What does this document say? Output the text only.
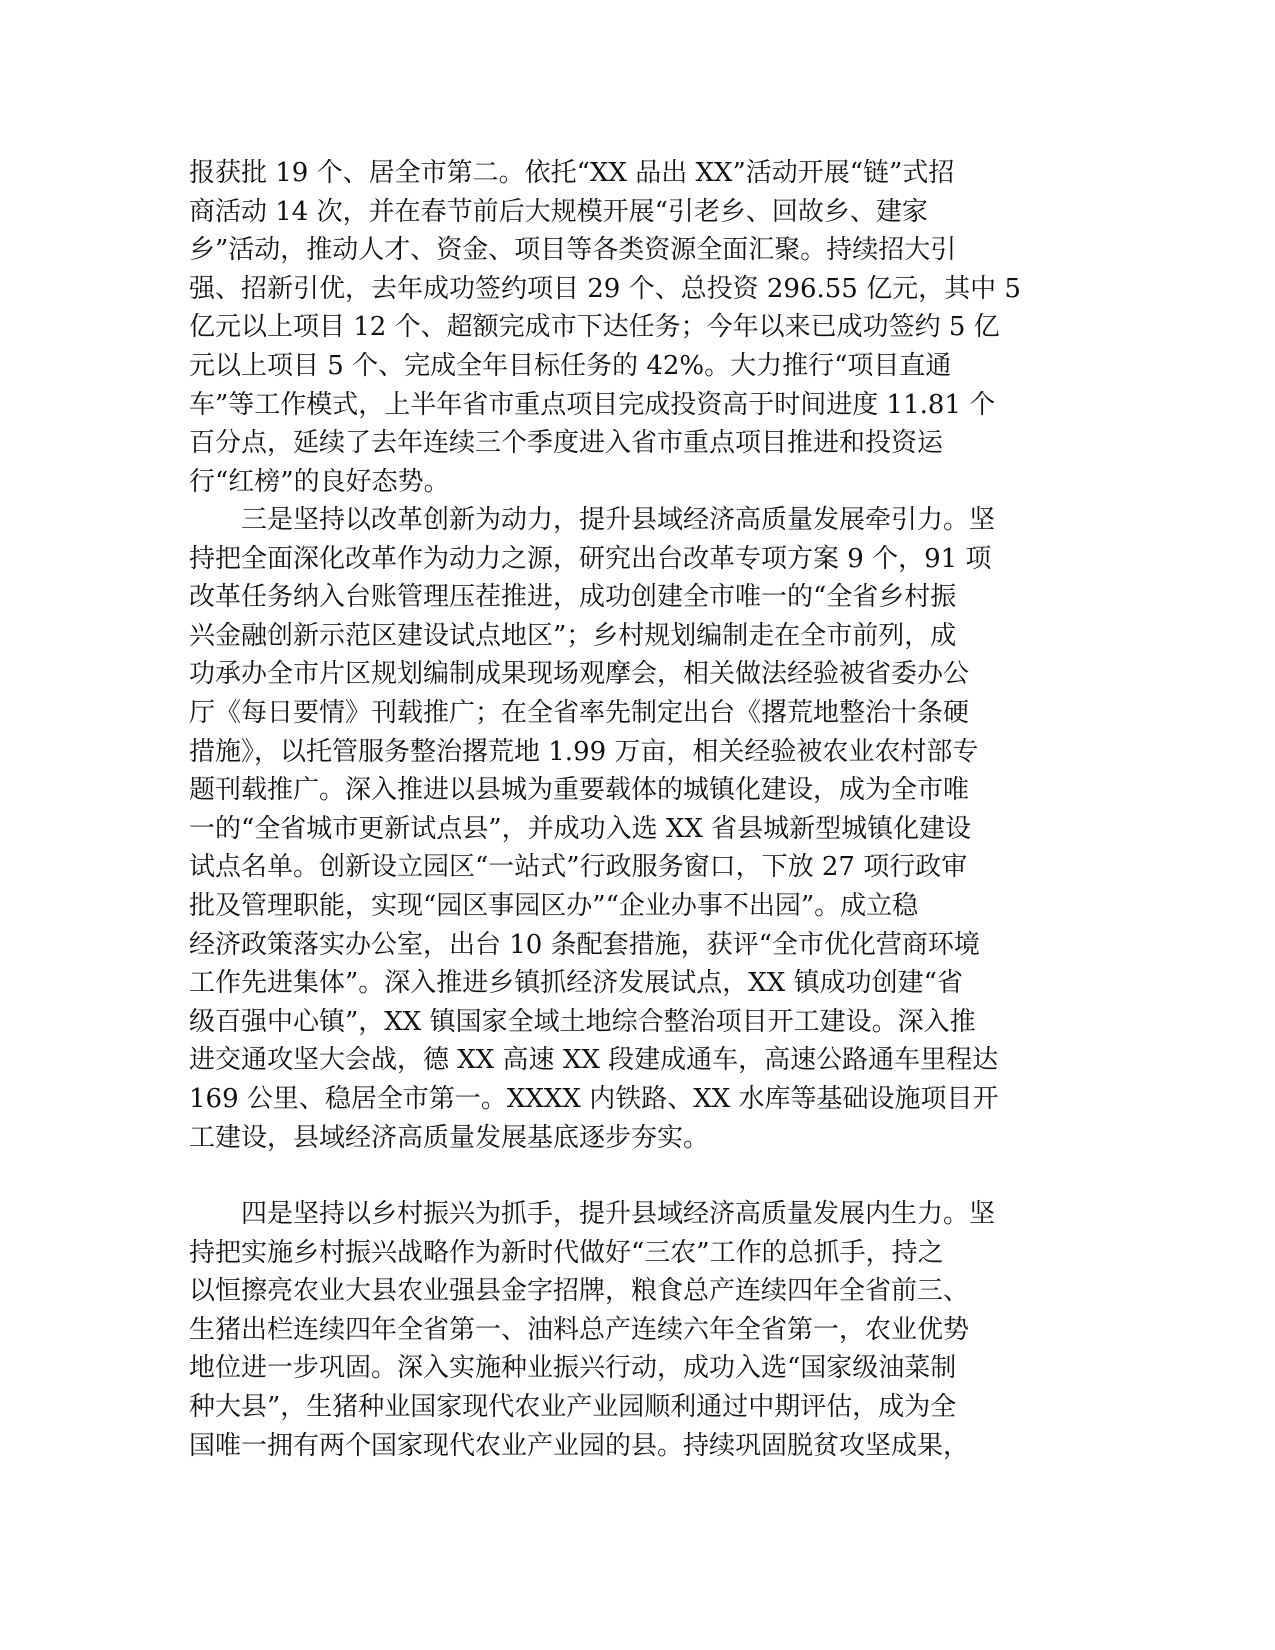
报获批 19 个、居全市第二。依托“XX 品出 XX”活动开展“链”式招
商活动 14 次，并在春节前后大规模开展“引老乡、回故乡、建家
乡”活动，推动人才、资金、项目等各类资源全面汇聚。持续招大引
强、招新引优，去年成功签约项目 29 个、总投资 296.55 亿元，其中 5
亿元以上项目 12 个、超额完成市下达任务；今年以来已成功签约 5 亿
元以上项目 5 个、完成全年目标任务的 42%。大力推行“项目直通
车”等工作模式，上半年省市重点项目完成投资高于时间进度 11.81 个
百分点，延续了去年连续三个季度进入省市重点项目推进和投资运
行“红榜”的良好态势。
　　三是坚持以改革创新为动力，提升县域经济高质量发展牵引力。坚
持把全面深化改革作为动力之源，研究出台改革专项方案 9 个，91 项
改革任务纳入台账管理压茬推进，成功创建全市唯一的“全省乡村振
兴金融创新示范区建设试点地区”；乡村规划编制走在全市前列，成
功承办全市片区规划编制成果现场观摩会，相关做法经验被省委办公
厅《每日要情》刊载推广；在全省率先制定出台《撂荒地整治十条硬
措施》，以托管服务整治撂荒地 1.99 万亩，相关经验被农业农村部专
题刊载推广。深入推进以县城为重要载体的城镇化建设，成为全市唯
一的“全省城市更新试点县”，并成功入选 XX 省县城新型城镇化建设
试点名单。创新设立园区“一站式”行政服务窗口，下放 27 项行政审
批及管理职能，实现“园区事园区办”“企业办事不出园”。成立稳
经济政策落实办公室，出台 10 条配套措施，获评“全市优化营商环境
工作先进集体”。深入推进乡镇抓经济发展试点，XX 镇成功创建“省
级百强中心镇”，XX 镇国家全域土地综合整治项目开工建设。深入推
进交通攻坚大会战，德 XX 高速 XX 段建成通车，高速公路通车里程达
169 公里、稳居全市第一。XXXX 内铁路、XX 水库等基础设施项目开
工建设，县域经济高质量发展基底逐步夯实。
　　四是坚持以乡村振兴为抓手，提升县域经济高质量发展内生力。坚
持把实施乡村振兴战略作为新时代做好“三农”工作的总抓手，持之
以恒擦亮农业大县农业强县金字招牌，粮食总产连续四年全省前三、
生猪出栏连续四年全省第一、油料总产连续六年全省第一，农业优势
地位进一步巩固。深入实施种业振兴行动，成功入选“国家级油菜制
种大县”，生猪种业国家现代农业产业园顺利通过中期评估，成为全
国唯一拥有两个国家现代农业产业园的县。持续巩固脱贫攻坚成果，
